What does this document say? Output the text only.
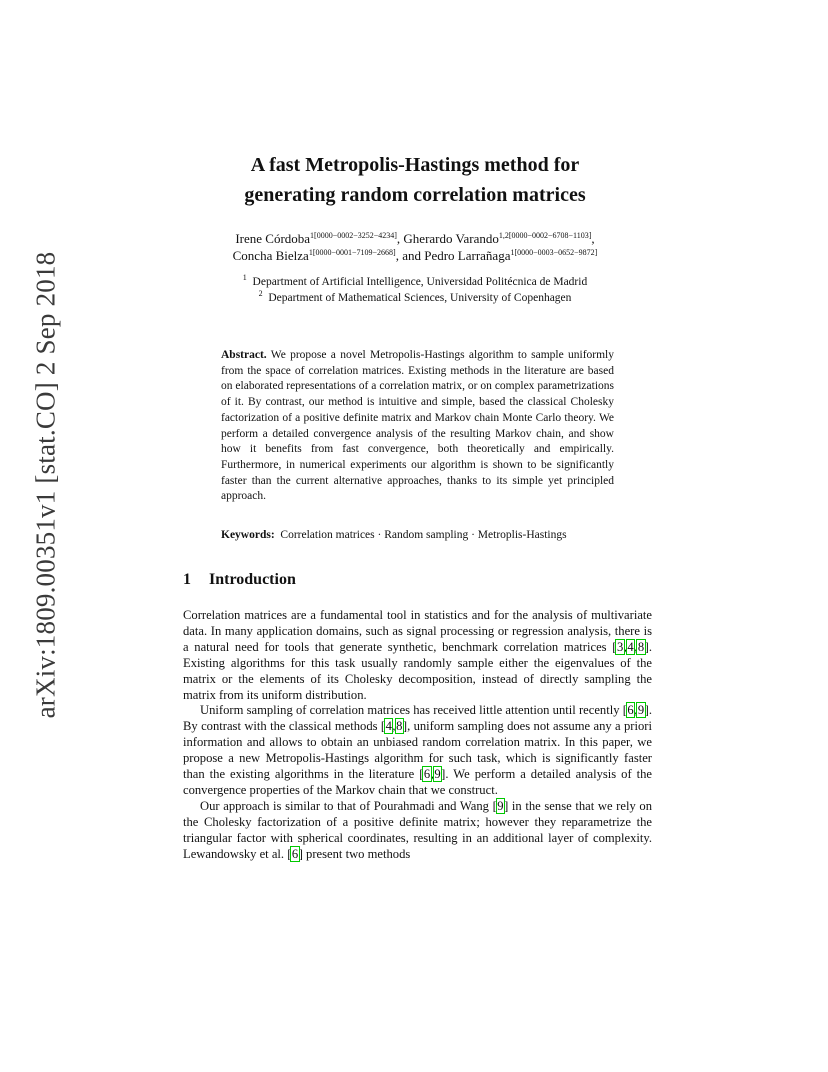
arXiv:1809.00351v1 [stat.CO] 2 Sep 2018
A fast Metropolis-Hastings method for
generating random correlation matrices
Irene Córdoba$^{1[0000-0002-3252-4234]}$, Gherardo Varando$^{1,2[0000-0002-6708-1103]}$,
Concha Bielza$^{1[0000-0001-7109-2668]}$, and Pedro Larrañaga$^{1[0000-0003-0652-9872]}$
$^1$ Department of Artificial Intelligence, Universidad Politécnica de Madrid
$^2$ Department of Mathematical Sciences, University of Copenhagen
Abstract. We propose a novel Metropolis-Hastings algorithm to sample uniformly from the space of correlation matrices. Existing methods in the literature are based on elaborated representations of a correlation matrix, or on complex parametrizations of it. By contrast, our method is intuitive and simple, based the classical Cholesky factorization of a positive definite matrix and Markov chain Monte Carlo theory. We perform a detailed convergence analysis of the resulting Markov chain, and show how it benefits from fast convergence, both theoretically and empirically. Furthermore, in numerical experiments our algorithm is shown to be significantly faster than the current alternative approaches, thanks to its simple yet principled approach.
Keywords: Correlation matrices · Random sampling · Metroplis-Hastings
1 Introduction

Correlation matrices are a fundamental tool in statistics and for the analysis of multivariate data. In many application domains, such as signal processing or regression analysis, there is a natural need for tools that generate synthetic, benchmark correlation matrices [3,4,8]. Existing algorithms for this task usually randomly sample either the eigenvalues of the matrix or the elements of its Cholesky decomposition, instead of directly sampling the matrix from its uniform distribution.

Uniform sampling of correlation matrices has received little attention until recently [6,9]. By contrast with the classical methods [4,8], uniform sampling does not assume any a priori information and allows to obtain an unbiased random correlation matrix. In this paper, we propose a new Metropolis-Hastings algorithm for such task, which is significantly faster than the existing algorithms in the literature [6,9]. We perform a detailed analysis of the convergence properties of the Markov chain that we construct.

Our approach is similar to that of Pourahmadi and Wang [9] in the sense that we rely on the Cholesky factorization of a positive definite matrix; however they reparametrize the triangular factor with spherical coordinates, resulting in an additional layer of complexity. Lewandowsky et al. [6] present two methods
